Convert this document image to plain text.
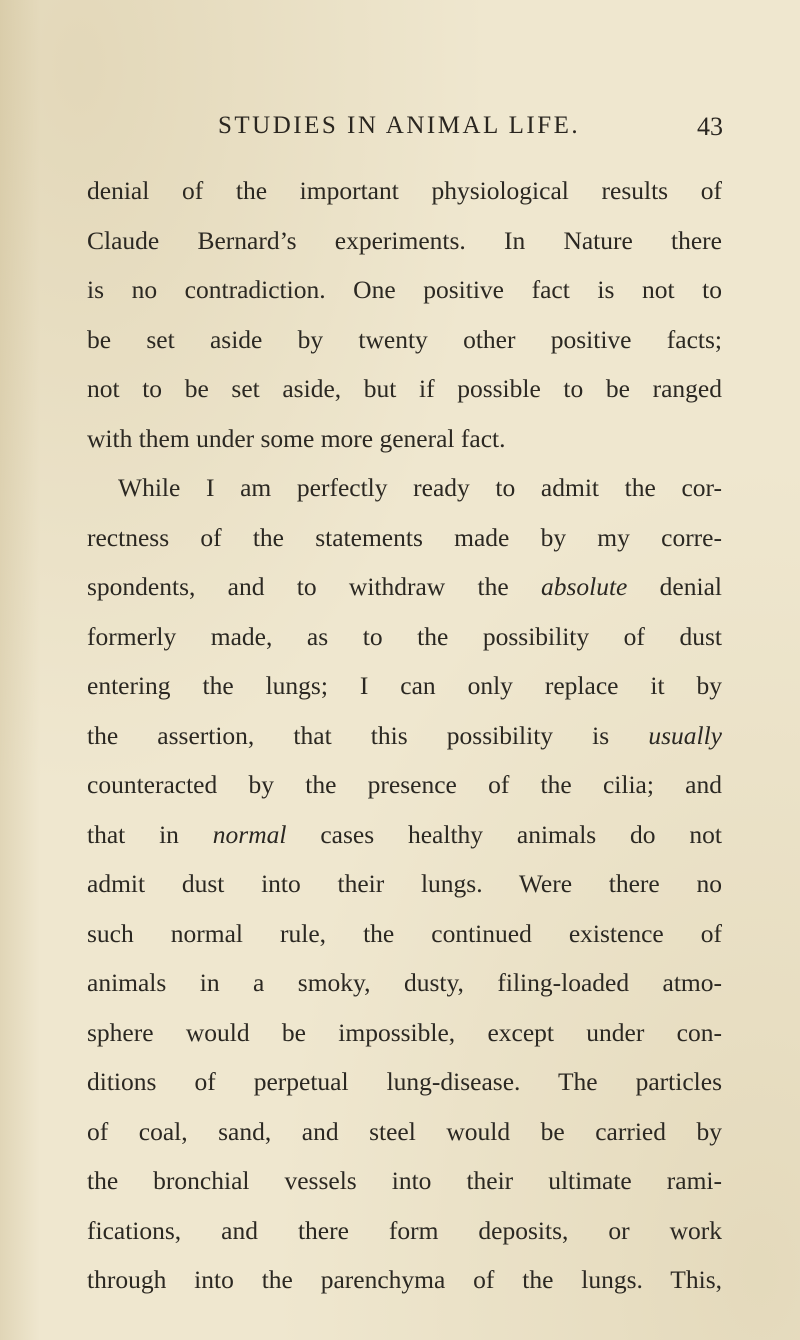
STUDIES IN ANIMAL LIFE.	43
denial of the important physiological results of
Claude Bernard’s experiments. In Nature there
is no contradiction. One positive fact is not to
be set aside by twenty other positive facts;
not to be set aside, but if possible to be ranged
with them under some more general fact.
While I am perfectly ready to admit the cor-
rectness of the statements made by my corre-
spondents, and to withdraw the absolute denial
formerly made, as to the possibility of dust
entering the lungs; I can only replace it by
the assertion, that this possibility is usually
counteracted by the presence of the cilia; and
that in normal cases healthy animals do not
admit dust into their lungs. Were there no
such normal rule, the continued existence of
animals in a smoky, dusty, filing-loaded atmo-
sphere would be impossible, except under con-
ditions of perpetual lung-disease. The particles
of coal, sand, and steel would be carried by
the bronchial vessels into their ultimate rami-
fications, and there form deposits, or work
through into the parenchyma of the lungs. This,
